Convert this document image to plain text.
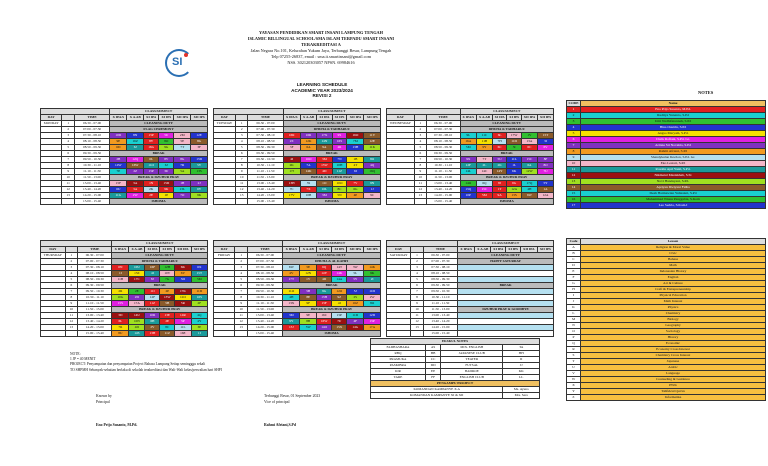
SI
YAYASAN PENDIDIKAN SMART INSANI LAMPUNG TENGAH
ISLAMIC BILLINGUAL SCHOOL/SMA ISLAM TERPADU SMART INSANI
TERAKREDITASI A
Jalan Negara No.101, Kelurahan Yukum Jaya, Terbanggi Besar, Lampung Tengah
Telp 07255-26837, email : sma.it.smartinsani@gmail.com
NSS. 302120303057 NPSN. 69984616
LEARNING SCHEDULE
ACADEMIC YEAR 2023/2024
REVISI 2
NOTES
			CLASS/SUBJECT					
DAY		TIME	X IPA/S	X A.AB	XI IPA	XI IPS	XII IPA	XII IPS
MONDAY	1	06.30 - 07.00	CLEANING DUTY					
	2	07.00 - 07.30	FLAG CEREMONY					
	3	07.30 - 08.10	10D	8N	15P	5U	2M	12E
	4	08.10 - 08.50	9E	16Z	8Y	8O	5E	8G
	5	08.50 - 09.30	6D	6J	16G	9G	7T	3F
	6	09.30 - 09.50	BREAK					
	7	09.50 - 10.30	2B	12Q	6L	8V	8G	13D
	8	10.30 - 11.10	14W	16W	11O	6J	7R	5Y
	9	11.10 - 11.50	7P	2Z	15P	3U	5A	13S
	10	11.50 - 13.00	BREAK & DZUHUR PRAY					
	11	13.00 - 13.40	15F	3A	1N	15D	1H	2J
	12	13.40 - 14.20	6U	3A	2K	9K	13L	6Y
	13	14.20 - 15.00	11G	2W	2E	1P	7O	9K
		15.00 - 15.40	ISHOMA					
			CLASS/SUBJECT					
DAY		TIME	X IPA/S	X A.AB	XI IPA	XI IPS	XII IPA	XII IPS
TUESDAY	1	06.30 - 07.00	CLEANING DUTY					
	2	07.00 - 07.30	DHUHA & TADHARUZ					
	3	07.30 - 08.10	16R	16R	17X	9S	16O	11V
	4	08.10 - 08.50	2Z	12K	14N	16S	7M	12E
	5	08.50 - 09.30	3F	6A	9A	4R	13H	11K
	6	09.30 - 09.50	BREAK					
	7	09.50 - 10.30	4I	16O	3M	7N	1B	8O
	8	10.30 - 11.10	2K	7A	13W	10H	4T	4Q
	9	11.10 - 11.50	17J	14K	4D	11Z	6I	16Q
	10	11.50 - 13.00	BREAK & DZUHUR PRAY					
	11	13.00 - 13.40	13H	3S	11I	10O	7V	9N
	12	13.40 - 14.20	7C	7X	16L	8C	6G	1J
	13	14.20 - 15.00	17V	10B	3M	5N	4P	9C
		15.00 - 15.40	ISHOMA					
			CLASS/SUBJECT					
DAY		TIME	X IPA/S	X A.AB	XI IPA	XI IPS	XII IPA	XII IPS
WEDNESDAY	1	06.30 - 07.00	CLEANING DUTY					
	2	07.00 - 07.30	DHUHA & TADHARUZ					
	3	07.30 - 08.10	9L	11C	6L	17W	1V	15T
	4	08.10 - 08.50	16A	11B	7H	11D	13A	3I
	5	08.50 - 09.30	5M	9Y	6C	3I	6C	6V
	6	09.30 - 09.50	BREAK					
	7	09.50 - 10.30	9X	7T	5U	11L	15C	8F
	8	10.30 - 11.10	12F	2L	2K	1L	6A	8O
	9	11.10 - 11.50	14L	14C	14Y	6K	12W	7U
	10	11.50 - 13.00	BREAK & DZUHUR PRAY					
	11	13.00 - 13.40	14O	6Q	8J	9G	17Q	5Y
	12	13.40 - 14.20	13Q	15C	1T	12A	4H	1A
	13	14.20 - 15.00	10P	5M	9A	13S	6W	12A
		15.00 - 15.40	ISHOMA					
			CLASS/SUBJECT					
DAY		TIME	X IPA/S	X A.AB	XI IPA	XI IPS	XII IPA	XII IPS
THURSDAY	1	06.30 - 07.00	CLEANING DUTY					
	2	07.00 - 07.30	DHUHA & TADHARUZ					
	3	07.30 - 08.10	6N	10U	16F	12H	6K	6X
	4	08.10 - 08.50	1I	15Z	4I	10V	6V	15T
	5	08.50 - 09.30	11B	17C	8J	7G	3D	5M
	6	09.30 - 09.50	BREAK					
	7	09.50 - 10.30	2R	2E	11I	2P	17K	11D
	8	10.30 - 11.10	10G	2D	12F	13W	12O	16S
	9	11.10 - 11.50	15S	17A	11Z	5B	5R	2F
	10	11.50 - 13.00	BREAK & DZUHUR PRAY					
	11	13.00 - 13.40	3D	14U	10R	13E	14R	4Q
	12	13.40 - 14.20	6L	10N	6H	2E	5P	4Y
	13	14.20 - 15.00	7R	4D	2V	8C	11L	3E
		15.00 - 15.40	8U	14S	13H	11Z	16E	1I
			CLASS/SUBJECT					
DAY		TIME	X IPA/S	X A.AB	XI IPA	XI IPS	XII IPA	XII IPS
FRIDAY	1	06.30 - 07.00	CLEANING DUTY					
	2	07.00 - 07.30	DHUHA & AL KAHFI					
	3	07.30 - 08.10	6W	5E	6Q	14T	3W	14K
	4	08.10 - 08.50	4V	12N	14Y	14K	5L	9K
	5	08.50 - 09.30	17T	1V	4D	14A	5Y	2I
	6	09.30 - 09.50	BREAK					
	7	09.50 - 10.30	11O	5B	9G	12O	5J	11D
	8	10.30 - 11.10	4H	8E	13H	9Z	2S	2W
	9	11.10 - 11.50	13X	9F	15F	4I	16Z	8O
	10	11.50 - 13.00	BREAK & DZUHUR PRAY					
	11	13.00 - 13.40	3M	9E	16C	15P	11D	12D
	12	13.40 - 14.20	9Y	8B	16W	7U	4F	15P
	13	14.20 - 15.00	13J	5W	14O	15X	14G	17A
		15.00 - 15.40	ISHOMA					
			CLASS/SUBJECT					
DAY		TIME	X IPA/S	X A.AB	XI IPA	XI IPS	XII IPA	XII IPS
SATURDAY	1	06.30 - 07.00	CLEANING DUTY					
	2	07.00 - 07.30	HAPPY SATURDAY					
	3	07.30 - 08.10						
	4	08.10 - 08.50						
	5	08.50 - 09.30						
	6	09.30 - 09.50	BREAK					
	7	09.50 - 10.30						
	8	10.30 - 11.10						
	9	11.10 - 11.50						
	10	11.50 - 13.00	DZUHUR PRAY & GOODBYE					
	11	13.00 - 13.40						
	12	13.40 - 14.20						
	13	14.20 - 15.00						
		15.00 - 15.40						
CODE	Name
1	Eno Prijo Susanto, M.Pd.
2	Rudiiya Yunanto, S.Pd
3	Umi Nadhifatunnah, S.Pd
4	Bina Oustrin, S.Pd
5	Angso Maryam, S.Pd.
6	Dwik Rofiani, S.Pd. Gr.
7	Arinna Sri Novahia, S.Pd
8	Rahmi Afriani, S.Pd
9	Shandykulan Ikwdon, S.Pd. Gr.
10	Eko Lestari, S.Pd
11	Rosalia Apri Yanti, S.Pd.
12	Nikmatul Maslakhah, S.Si
13	Novi Handayani, S.Pd.
14	Apriyan Dwiyani Fidha
15	Deah Harmawian Yuliastuti, S.Pd
16	Muhammad Wisnu Panggabia, S.Kom
17	Leo Sedria, S.Kom.I
Code	Lesson
A	Religion & Moral Value
B	Civic
C	Bahasa
D	Math
E	Indonesian History
F	English
G	Art & Culture
H	Craft & Entrepreneurship
I	Physical Education
J	Math Interest
K	Physics
L	Chemistry
M	Biology
N	Geography
O	Sociology
P	History
Q	Economic
R	Economy Cross Interest
S	Chemistry Cross Interest
T	Japanese
U	Arabic
V	Language
W	Counseling & Guidance
X	PWK
Y	Tahfidzul Qur'an
Z	Informatika
EKSKUL NOTES			
FADHASHARA	AS	MIX. ENGLISH	TA
RBQ	BB	JAPANESE CLUB	HH
PRAMUKA	CC	TEATER	II
PASKIBRA	DD	FUTSAL	JJ
KIR	EE	BADROE	KK
TARE	FF	ENGLISH CLUB	LL
PENGAMPU PROJECT			
KOMANDAN KAMPANYE X.A			Ms. Ayuna
KOMANDAN KAMPANYE XI & XII			Mrs. Sara
NOTE:
1 JP = 40 MENIT
PROJECT: Penyampaian dan penyampaian Project Bahasa Lampung Setiap semingggu sekali
TO SHPMH Sebanyak-sebatian berlaku di sekolah terakreditasi dan Wali-Wali kelas/perwalian hari SHPI
Known by
Principal
Eno Prijo Susanto, M.Pd.
Terbanggi Besar, 01 September 2023
Vice of principal
Rahmi Afriani,S.Pd
